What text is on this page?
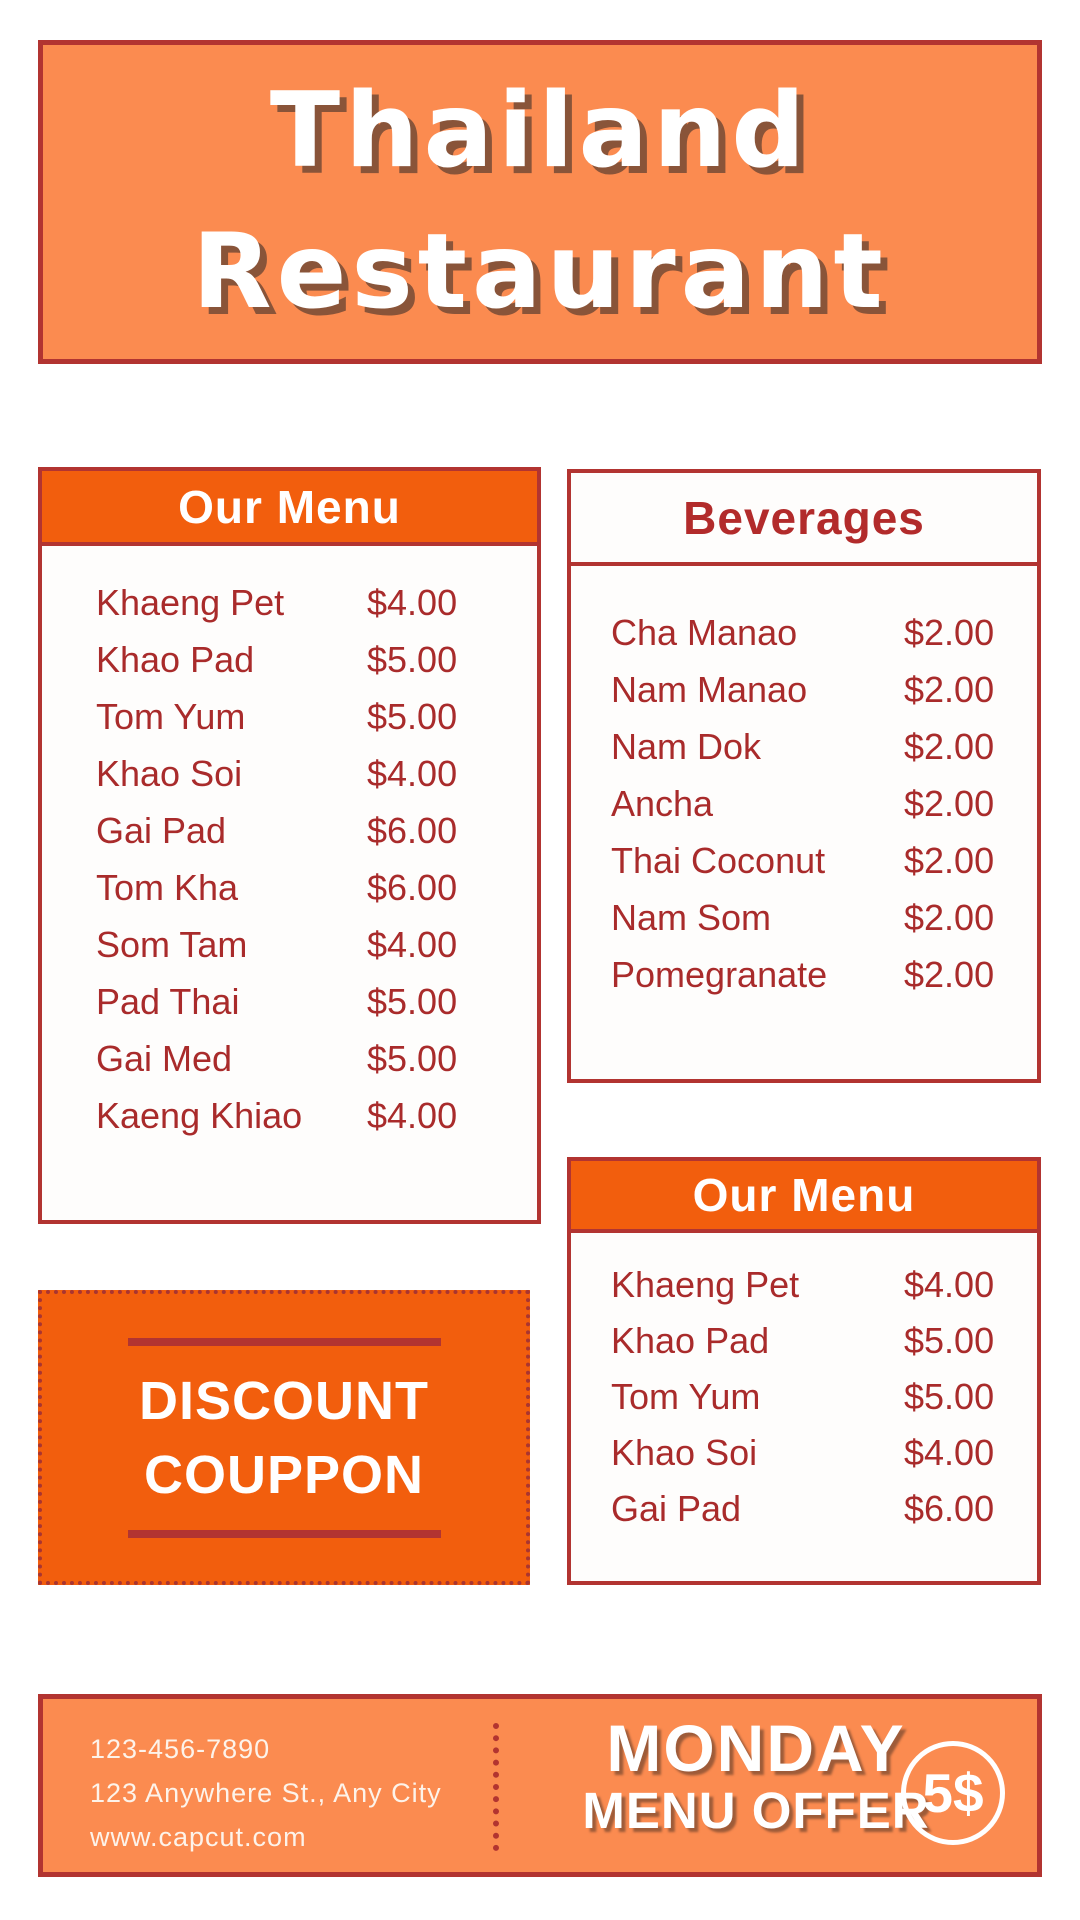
Thailand
Restaurant
Our Menu
Khaeng Pet	$4.00
Khao Pad	$5.00
Tom Yum	$5.00
Khao Soi	$4.00
Gai Pad	$6.00
Tom Kha	$6.00
Som Tam	$4.00
Pad Thai	$5.00
Gai Med	$5.00
Kaeng Khiao	$4.00
Beverages
Cha Manao	$2.00
Nam Manao	$2.00
Nam Dok	$2.00
Ancha	$2.00
Thai Coconut	$2.00
Nam Som	$2.00
Pomegranate	$2.00
Our Menu
Khaeng Pet	$4.00
Khao Pad	$5.00
Tom Yum	$5.00
Khao Soi	$4.00
Gai Pad	$6.00
DISCOUNT
COUPPON
123-456-7890
123 Anywhere St., Any City
www.capcut.com
MONDAY
MENU OFFER
5$
